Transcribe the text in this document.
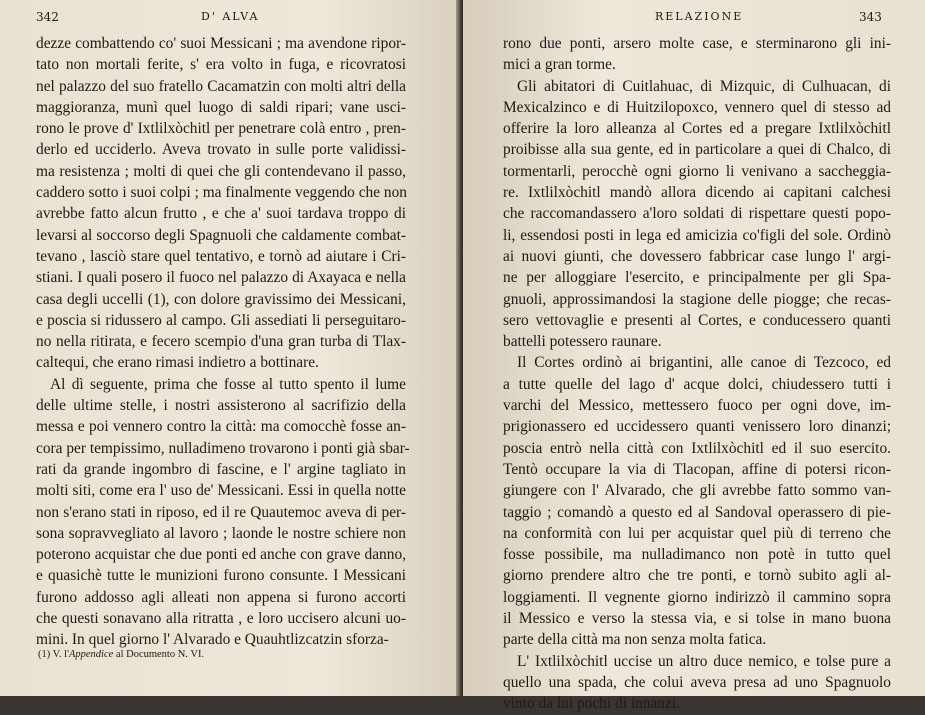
342	D' ALVA
dezze combattendo co' suoi Messicani ; ma avendone ripor-
tato non mortali ferite, s' era volto in fuga, e ricovratosi
nel palazzo del suo fratello Cacamatzin con molti altri della
maggioranza, munì quel luogo di saldi ripari; vane usci-
rono le prove d' Ixtlilxòchitl per penetrare colà entro , pren-
derlo ed ucciderlo. Aveva trovato in sulle porte validissi-
ma resistenza ; molti di quei che gli contendevano il passo,
caddero sotto i suoi colpi ; ma finalmente veggendo che non
avrebbe fatto alcun frutto , e che a' suoi tardava troppo di
levarsi al soccorso degli Spagnuoli che caldamente combat-
tevano , lasciò stare quel tentativo, e tornò ad aiutare i Cri-
stiani. I quali posero il fuoco nel palazzo di Axayaca e nella
casa degli uccelli (1), con dolore gravissimo dei Messicani,
e poscia si ridussero al campo. Gli assediati li perseguitaro-
no nella ritirata, e fecero scempio d'una gran turba di Tlax-
caltequi, che erano rimasi indietro a bottinare.
Al dì seguente, prima che fosse al tutto spento il lume
delle ultime stelle, i nostri assisterono al sacrifizio della
messa e poi vennero contro la città: ma comocchè fosse an-
cora per tempissimo, nulladimeno trovarono i ponti già sbar-
rati da grande ingombro di fascine, e l' argine tagliato in
molti siti, come era l' uso de' Messicani. Essi in quella notte
non s'erano stati in riposo, ed il re Quautemoc aveva di per-
sona sopravvegliato al lavoro ; laonde le nostre schiere non
poterono acquistar che due ponti ed anche con grave danno,
e quasichè tutte le munizioni furono consunte. I Messicani
furono addosso agli alleati non appena si furono accorti
che questi sonavano alla ritratta , e loro uccisero alcuni uo-
mini. In quel giorno l' Alvarado e Quauhtlizcatzin sforza-
(1) V. l'Appendice al Documento N. VI.
RELAZIONE	343
rono due ponti, arsero molte case, e sterminarono gli ini-
mici a gran torme.
Gli abitatori di Cuitlahuac, di Mizquic, di Culhuacan, di
Mexicalzinco e di Huitzilopoxco, vennero quel di stesso ad
offerire la loro alleanza al Cortes ed a pregare Ixtlilxòchitl
proibisse alla sua gente, ed in particolare a quei di Chalco, di
tormentarli, perocchè ogni giorno li venivano a saccheggia-
re. Ixtlilxòchitl mandò allora dicendo ai capitani calchesi
che raccomandassero a'loro soldati di rispettare questi popo-
li, essendosi posti in lega ed amicizia co'figli del sole. Ordinò
ai nuovi giunti, che dovessero fabbricar case lungo l' argi-
ne per alloggiare l'esercito, e principalmente per gli Spa-
gnuoli, approssimandosi la stagione delle piogge; che recas-
sero vettovaglie e presenti al Cortes, e conducessero quanti
battelli potessero raunare.
Il Cortes ordinò ai brigantini, alle canoe di Tezcoco, ed
a tutte quelle del lago d' acque dolci, chiudessero tutti i
varchi del Messico, mettessero fuoco per ogni dove, im-
prigionassero ed uccidessero quanti venissero loro dinanzi;
poscia entrò nella città con Ixtlilxòchitl ed il suo esercito.
Tentò occupare la via di Tlacopan, affine di potersi ricon-
giungere con l' Alvarado, che gli avrebbe fatto sommo van-
taggio ; comandò a questo ed al Sandoval operassero di pie-
na conformità con lui per acquistar quel più di terreno che
fosse possibile, ma nulladimanco non potè in tutto quel
giorno prendere altro che tre ponti, e tornò subito agli al-
loggiamenti. Il vegnente giorno indirizzò il cammino sopra
il Messico e verso la stessa via, e si tolse in mano buona
parte della città ma non senza molta fatica.
L' Ixtlilxòchitl uccise un altro duce nemico, e tolse pure a
quello una spada, che colui aveva presa ad uno Spagnuolo
vinto da lui pochi di innanzi.
